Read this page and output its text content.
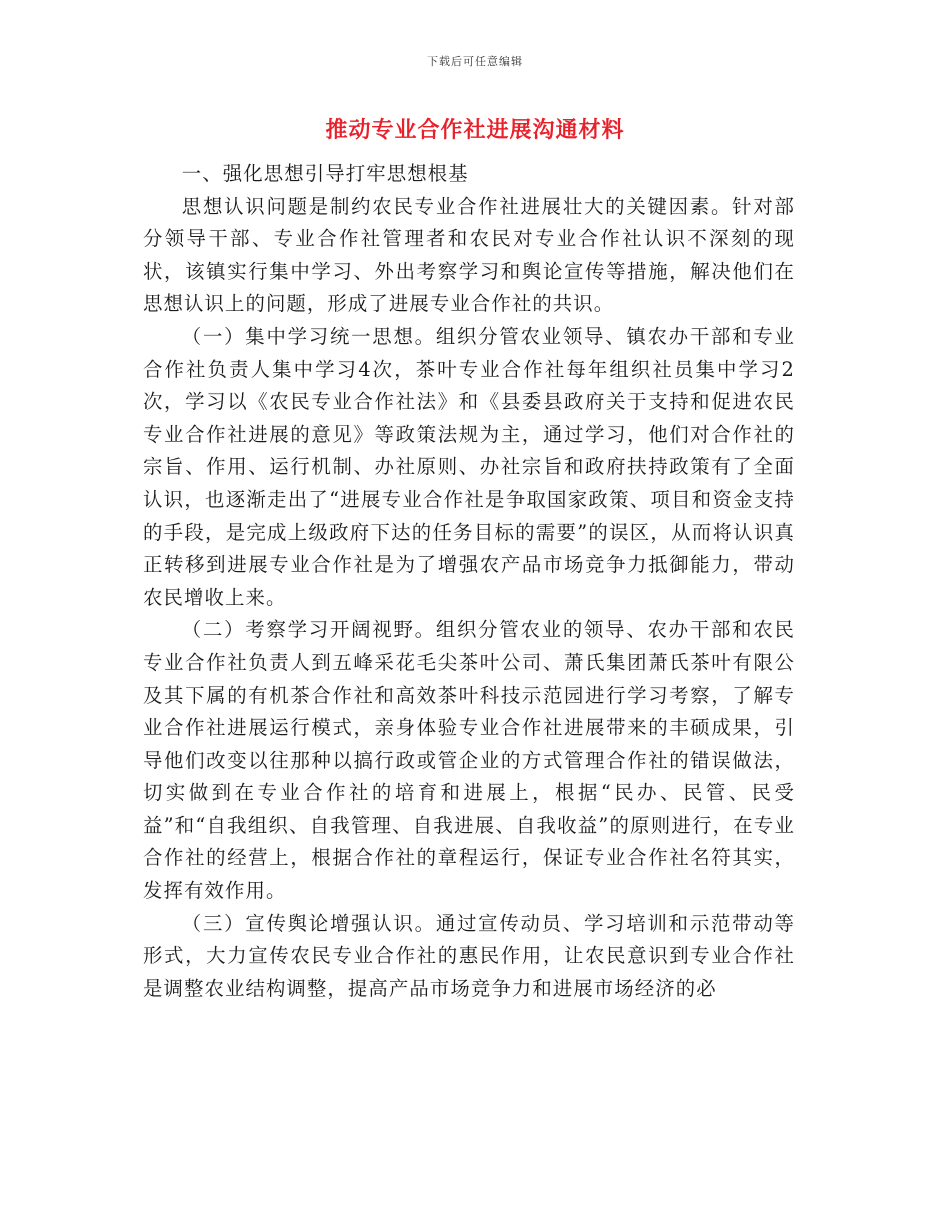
下载后可任意编辑
推动专业合作社进展沟通材料

一、强化思想引导打牢思想根基

思想认识问题是制约农民专业合作社进展壮大的关键因素。针对部分领导干部、专业合作社管理者和农民对专业合作社认识不深刻的现状，该镇实行集中学习、外出考察学习和舆论宣传等措施，解决他们在思想认识上的问题，形成了进展专业合作社的共识。

（一）集中学习统一思想。组织分管农业领导、镇农办干部和专业合作社负责人集中学习4次，茶叶专业合作社每年组织社员集中学习2次，学习以《农民专业合作社法》和《县委县政府关于支持和促进农民专业合作社进展的意见》等政策法规为主，通过学习，他们对合作社的宗旨、作用、运行机制、办社原则、办社宗旨和政府扶持政策有了全面认识，也逐渐走出了“进展专业合作社是争取国家政策、项目和资金支持的手段，是完成上级政府下达的任务目标的需要”的误区，从而将认识真正转移到进展专业合作社是为了增强农产品市场竞争力抵御能力，带动农民增收上来。

（二）考察学习开阔视野。组织分管农业的领导、农办干部和农民专业合作社负责人到五峰采花毛尖茶叶公司、萧氏集团萧氏茶叶有限公及其下属的有机茶合作社和高效茶叶科技示范园进行学习考察，了解专业合作社进展运行模式，亲身体验专业合作社进展带来的丰硕成果，引导他们改变以往那种以搞行政或管企业的方式管理合作社的错误做法，切实做到在专业合作社的培育和进展上，根据“民办、民管、民受益”和“自我组织、自我管理、自我进展、自我收益”的原则进行，在专业合作社的经营上，根据合作社的章程运行，保证专业合作社名符其实，发挥有效作用。

（三）宣传舆论增强认识。通过宣传动员、学习培训和示范带动等形式，大力宣传农民专业合作社的惠民作用，让农民意识到专业合作社是调整农业结构调整，提高产品市场竞争力和进展市场经济的必
